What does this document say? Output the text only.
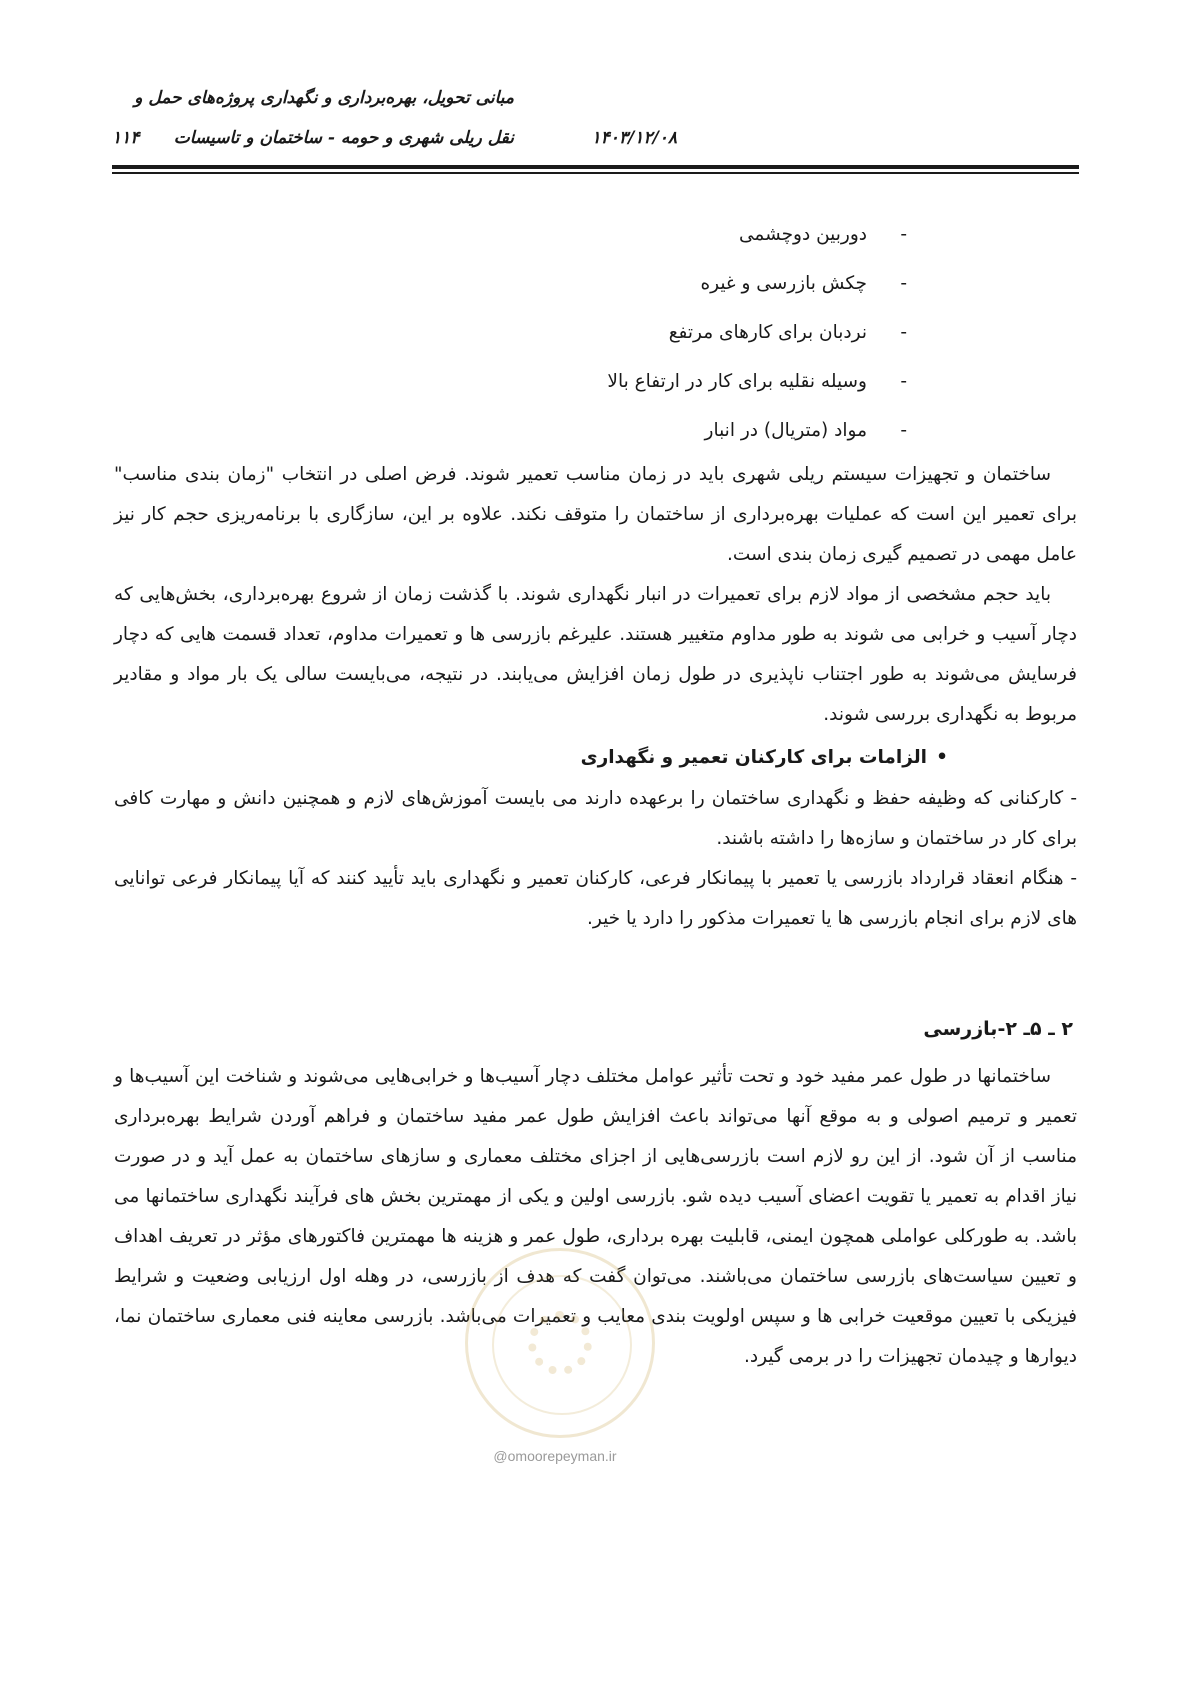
مبانی تحویل، بهره‌برداری و نگهداری پروژه‌های حمل و
نقل ریلی شهری و حومه - ساختمان و تاسیسات	۱۴۰۳/۱۲/۰۸
۱۱۴
-دوربین دوچشمی
-چکش بازرسی و غیره
-نردبان برای کارهای مرتفع
-وسیله نقلیه برای کار در ارتفاع بالا
-مواد (متریال) در انبار

ساختمان و تجهیزات سیستم ریلی شهری باید در زمان مناسب تعمیر شوند. فرض اصلی در انتخاب "زمان بندی مناسب" برای تعمیر این است که عملیات بهره‌برداری از ساختمان را متوقف نکند. علاوه بر این، سازگاری با برنامه‌ریزی حجم کار نیز عامل مهمی در تصمیم گیری زمان بندی است.

باید حجم مشخصی از مواد لازم برای تعمیرات در انبار نگهداری شوند. با گذشت زمان از شروع بهره‌برداری، بخش‌هایی که دچار آسیب و خرابی می شوند به طور مداوم متغییر هستند. علیرغم بازرسی ها و تعمیرات مداوم، تعداد قسمت هایی که دچار فرسایش می‌شوند به طور اجتناب ناپذیری در طول زمان افزایش می‌یابند. در نتیجه، می‌بایست سالی یک بار مواد و مقادیر مربوط به نگهداری بررسی شوند.

•الزامات برای کارکنان تعمیر و نگهداری

- کارکنانی که وظیفه حفظ و نگهداری ساختمان را برعهده دارند می بایست آموزش‌های لازم و همچنین دانش و مهارت کافی برای کار در ساختمان و سازه‌ها را داشته باشند.

- هنگام انعقاد قرارداد بازرسی یا تعمیر با پیمانکار فرعی، کارکنان تعمیر و نگهداری باید تأیید کنند که آیا پیمانکار فرعی توانایی های لازم برای انجام بازرسی ها یا تعمیرات مذکور را دارد یا خیر.

۲ ـ ۵ـ ۲-بازرسی

ساختمانها در طول عمر مفید خود و تحت تأثیر عوامل مختلف دچار آسیب‌ها و خرابی‌هایی می‌شوند و شناخت این آسیب‌ها و تعمیر و ترمیم اصولی و به موقع آنها می‌تواند باعث افزایش طول عمر مفید ساختمان و فراهم آوردن شرایط بهره‌برداری مناسب از آن شود. از این رو لازم است بازرسی‌هایی از اجزای مختلف معماری و سازهای ساختمان به عمل آید و در صورت نیاز اقدام به تعمیر یا تقویت اعضای آسیب دیده شو. بازرسی اولین و یکی از مهمترین بخش های فرآیند نگهداری ساختمانها می باشد. به طورکلی عواملی همچون ایمنی، قابلیت بهره برداری، طول عمر و هزینه ها مهمترین فاکتورهای مؤثر در تعریف اهداف و تعیین سیاست‌های بازرسی ساختمان می‌باشند. می‌توان گفت که هدف از بازرسی، در وهله اول ارزیابی وضعیت و شرایط فیزیکی با تعیین موقعیت خرابی ها و سپس اولویت بندی معایب و تعمیرات می‌باشد. بازرسی معاینه فنی معماری ساختمان نما، دیوارها و چیدمان تجهیزات را در برمی گیرد.

@omoorepeyman.ir
